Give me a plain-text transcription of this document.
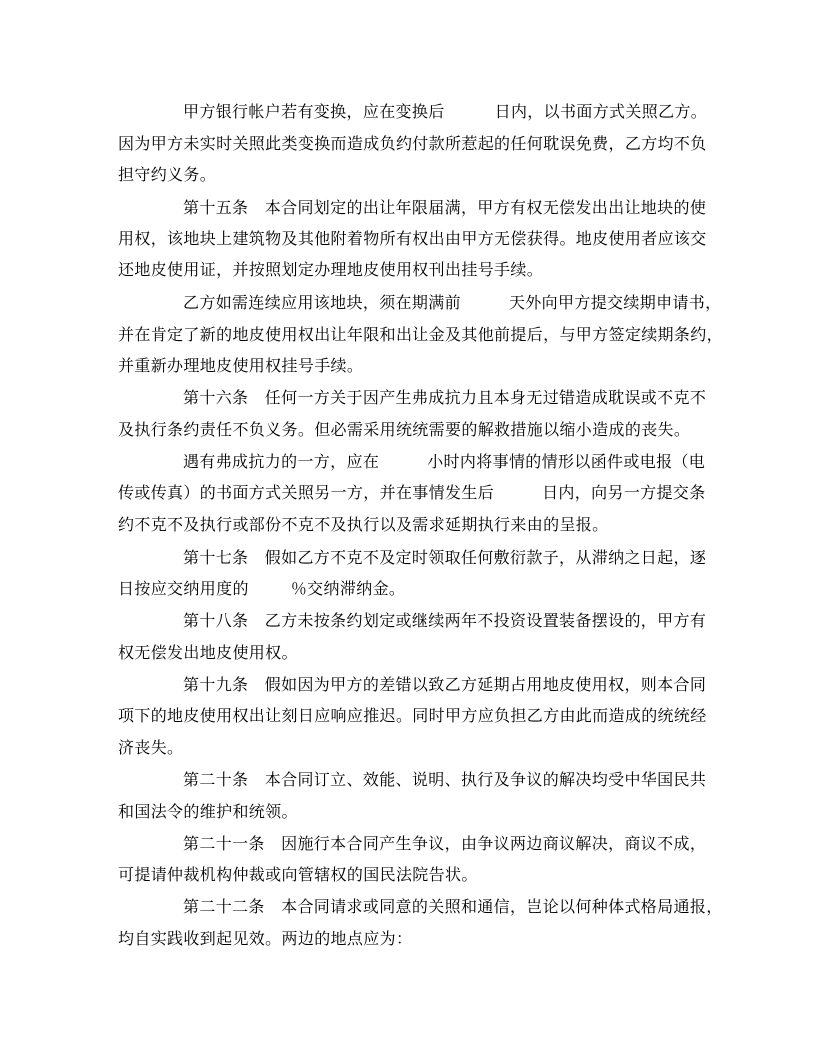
甲方银行帐户若有变换，应在变换后	日内，以书面方式关照乙方。
因为甲方未实时关照此类变换而造成负约付款所惹起的任何耽误免费，乙方均不负
担守约义务。
第十五条　本合同划定的出让年限届满，甲方有权无偿发出出让地块的使
用权，该地块上建筑物及其他附着物所有权出由甲方无偿获得。地皮使用者应该交
还地皮使用证，并按照划定办理地皮使用权刊出挂号手续。
乙方如需连续应用该地块，须在期满前	天外向甲方提交续期申请书，
并在肯定了新的地皮使用权出让年限和出让金及其他前提后，与甲方签定续期条约，
并重新办理地皮使用权挂号手续。
第十六条　任何一方关于因产生弗成抗力且本身无过错造成耽误或不克不
及执行条约责任不负义务。但必需采用统统需要的解救措施以缩小造成的丧失。
遇有弗成抗力的一方，应在	小时内将事情的情形以函件或电报（电
传或传真）的书面方式关照另一方，并在事情发生后	日内，向另一方提交条
约不克不及执行或部份不克不及执行以及需求延期执行来由的呈报。
第十七条　假如乙方不克不及定时领取任何敷衍款子，从滞纳之日起，逐
日按应交纳用度的	％交纳滞纳金。
第十八条　乙方未按条约划定或继续两年不投资设置装备摆设的，甲方有
权无偿发出地皮使用权。
第十九条　假如因为甲方的差错以致乙方延期占用地皮使用权，则本合同
项下的地皮使用权出让刻日应响应推迟。同时甲方应负担乙方由此而造成的统统经
济丧失。
第二十条　本合同订立、效能、说明、执行及争议的解决均受中华国民共
和国法令的维护和统领。
第二十一条　因施行本合同产生争议，由争议两边商议解决，商议不成，
可提请仲裁机构仲裁或向管辖权的国民法院告状。
第二十二条　本合同请求或同意的关照和通信，岂论以何种体式格局通报，
均自实践收到起见效。两边的地点应为：
